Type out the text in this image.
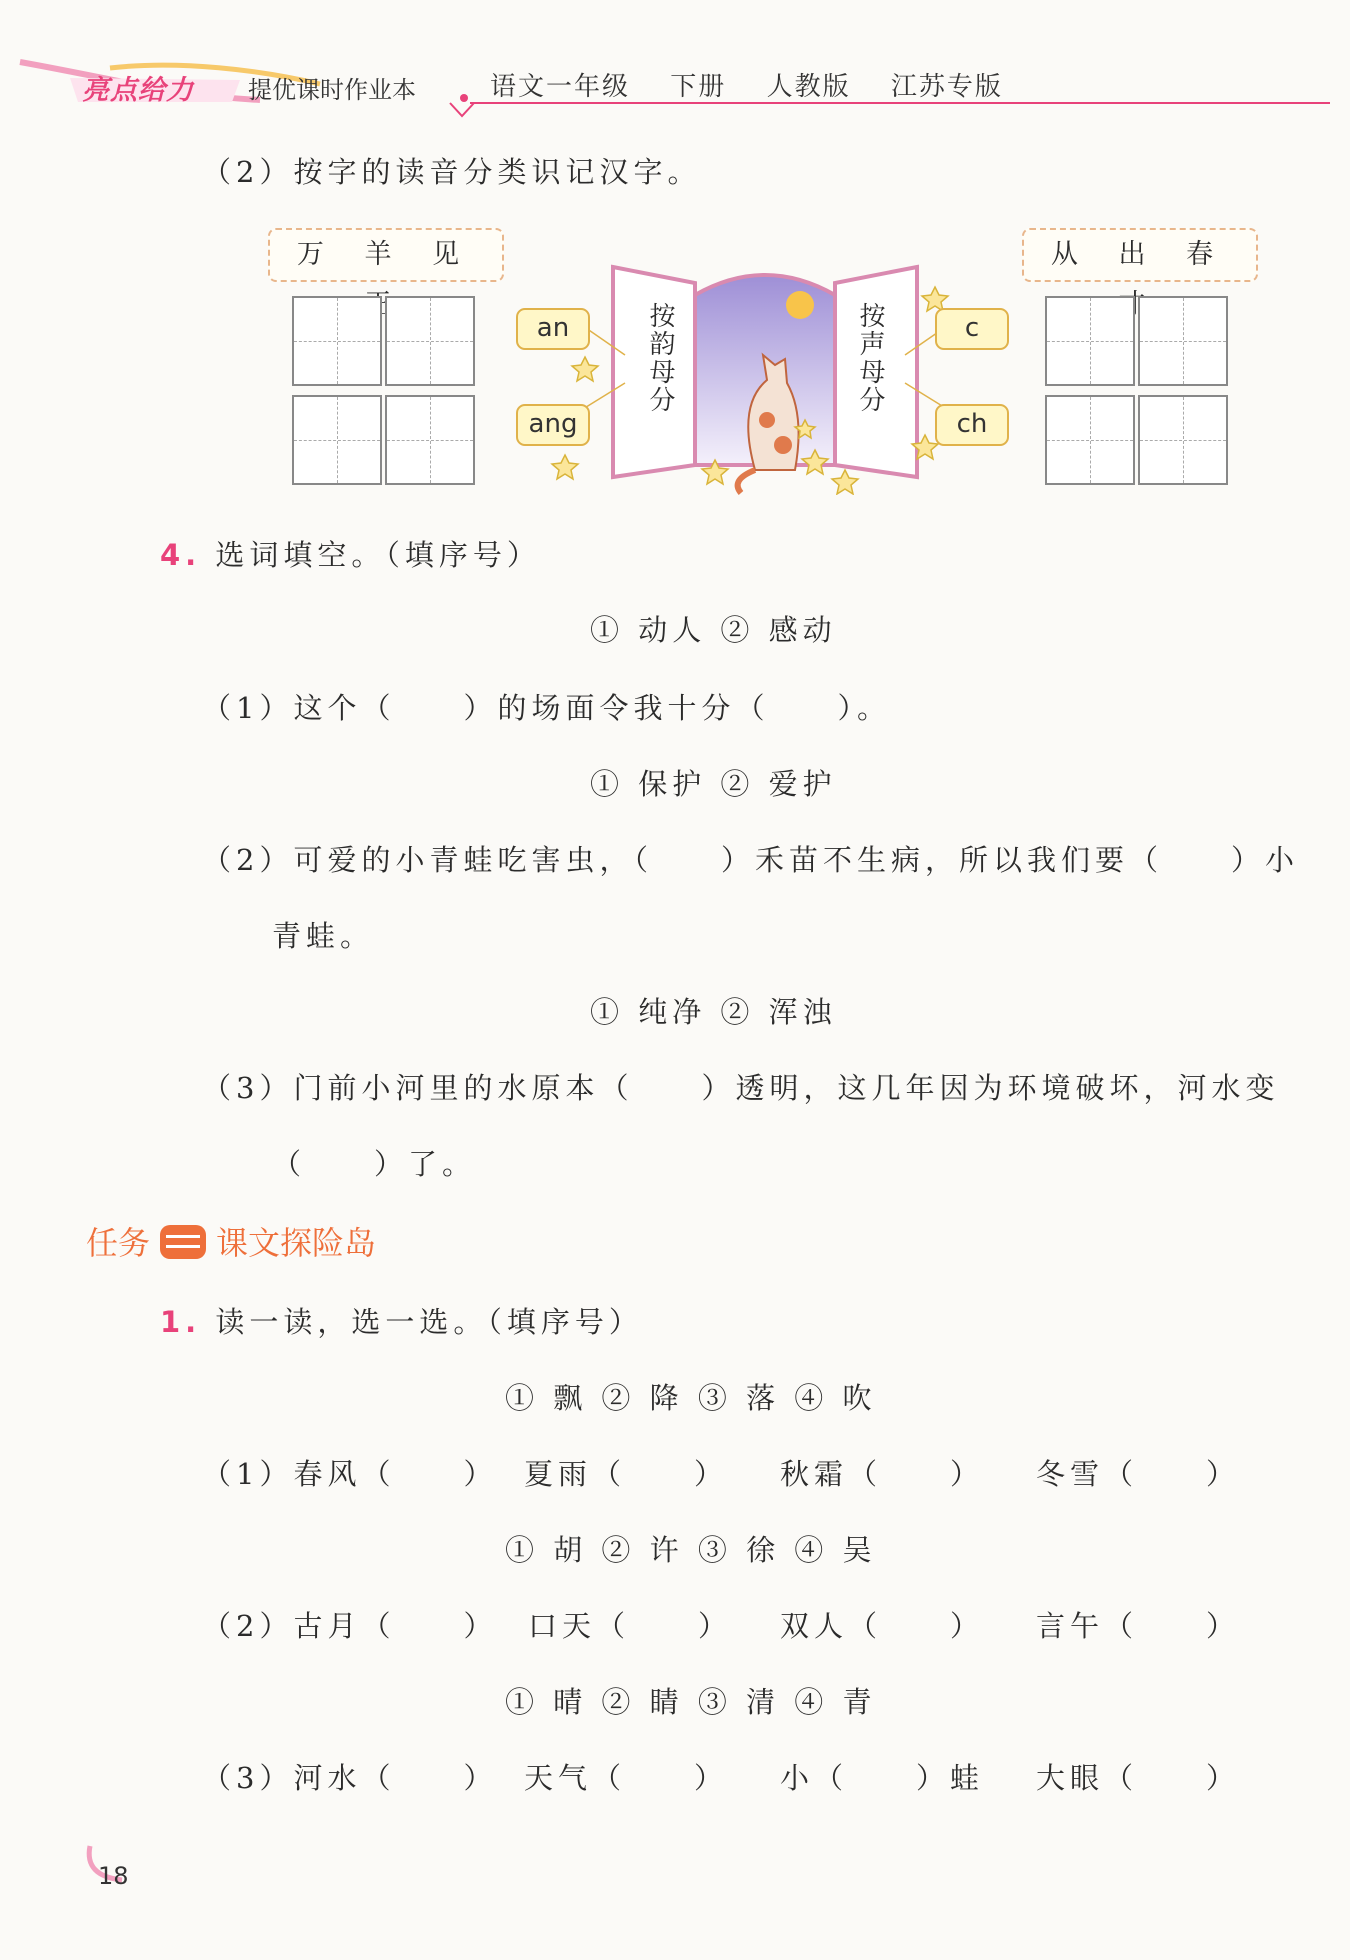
亮点给力 提优课时作业本	语文一年级 下册 人教版 江苏专版
（2）按字的读音分类识记汉字。
万 羊 见	从 出 春
按韵母分	按声母分
an
ang
c
ch
4. 选词填空。（填序号）
① 动人 ② 感动
（1）这个（　　）的场面令我十分（　　）。
① 保护 ② 爱护
（2）可爱的小青蛙吃害虫，（　　）禾苗不生病，所以我们要（　　）小
青蛙。
① 纯净 ② 浑浊
（3）门前小河里的水原本（　　）透明，这几年因为环境破坏，河水变
（　　）了。
任务 课文探险岛
1. 读一读，选一选。（填序号）
① 飘 ② 降 ③ 落 ④ 吹
（1）春风（　　） 夏雨（　　） 秋霜（　　） 冬雪（　　）
① 胡 ② 许 ③ 徐 ④ 吴
（2）古月（　　） 口天（　　） 双人（　　） 言午（　　）
① 晴 ② 睛 ③ 清 ④ 青
（3）河水（　　） 天气（　　） 小（　　）蛙 大眼（　　）
18
